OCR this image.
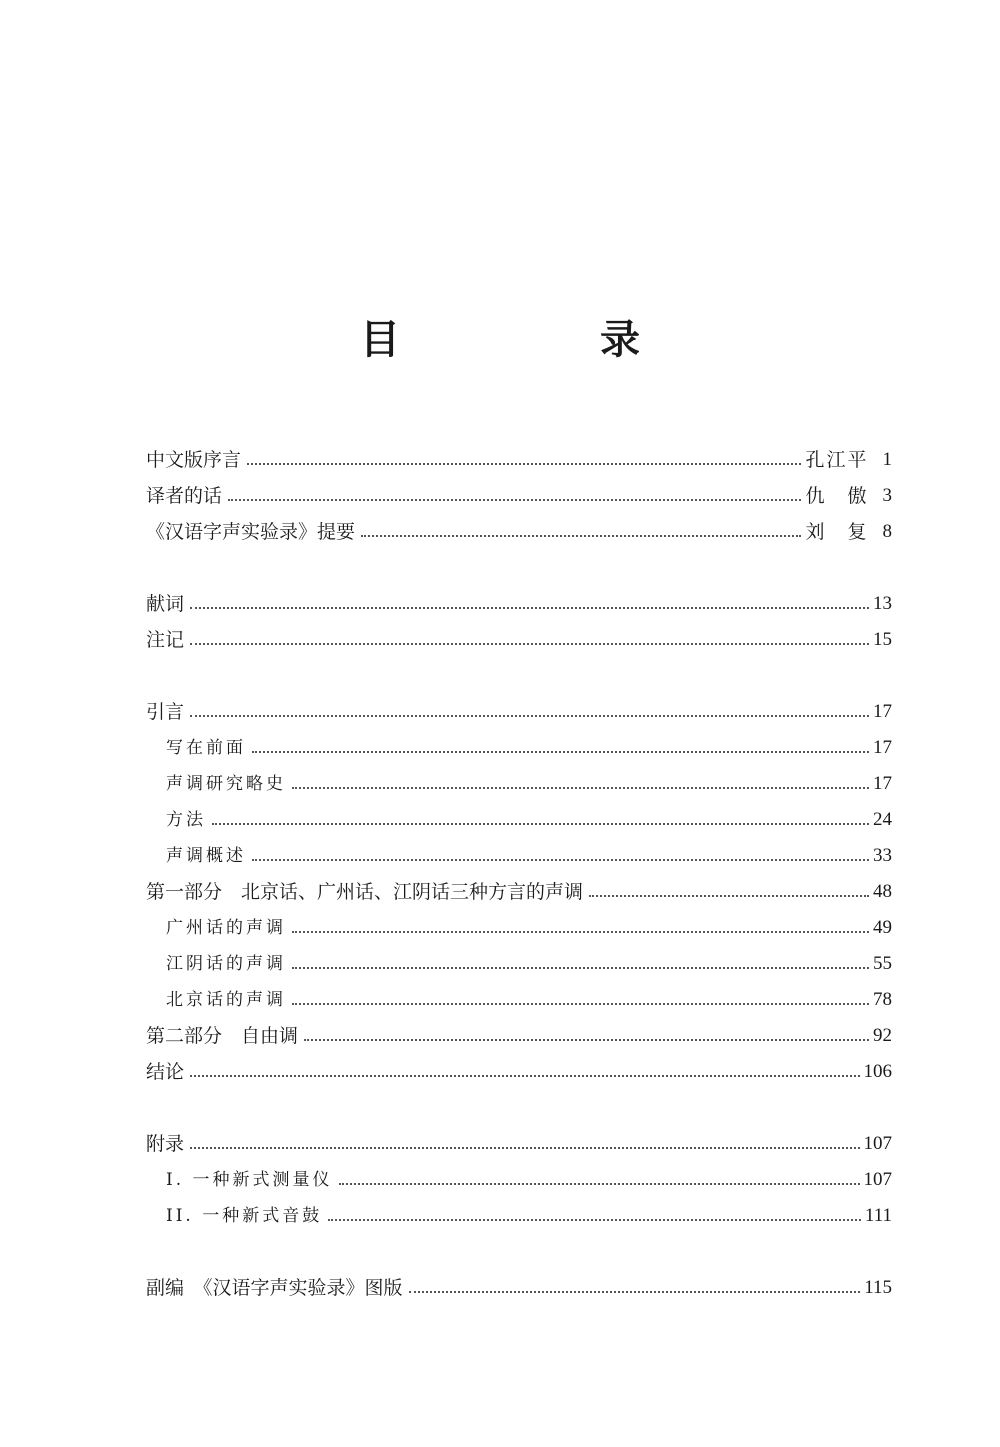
目　录
中文版序言	孔江平 1
译者的话	仇　傲 3
《汉语字声实验录》提要	刘　复 8
献词	13
注记	15
引言	17
写在前面	17
声调研究略史	17
方法	24
声调概述	33
第一部分　北京话、广州话、江阴话三种方言的声调	48
广州话的声调	49
江阴话的声调	55
北京话的声调	78
第二部分　自由调	92
结论	106
附录	107
I. 一种新式测量仪	107
II. 一种新式音鼓	111
副编　《汉语字声实验录》图版	115
